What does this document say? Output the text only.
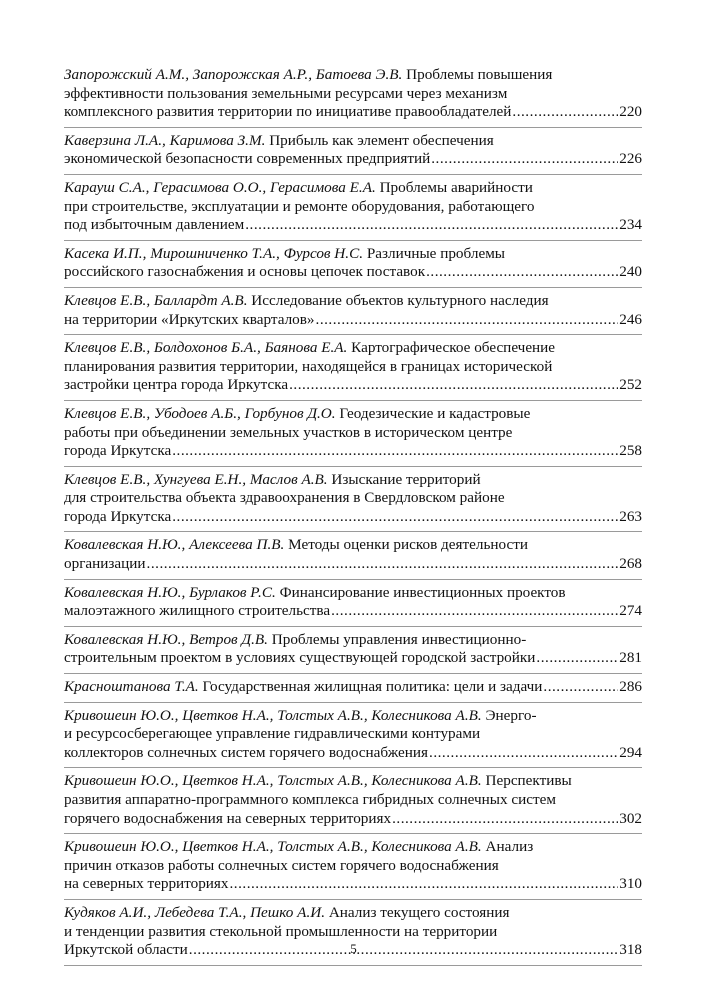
Запорожский А.М., Запорожская А.Р., Батоева Э.В. Проблемы повышения
эффективности пользования земельными ресурсами через механизм
комплексного развития территории по инициативе правообладателей .....	220
Каверзина Л.А., Каримова З.М. Прибыль как элемент обеспечения
экономической безопасности современных предприятий .....	226
Карауш С.А., Герасимова О.О., Герасимова Е.А. Проблемы аварийности
при строительстве, эксплуатации и ремонте оборудования, работающего
под избыточным давлением .....	234
Касека И.П., Мирошниченко Т.А., Фурсов Н.С. Различные проблемы
российского газоснабжения и основы цепочек поставок .....	240
Клевцов Е.В., Баллардт А.В. Исследование объектов культурного наследия
на территории «Иркутских кварталов» .....	246
Клевцов Е.В., Болдохонов Б.А., Баянова Е.А. Картографическое обеспечение
планирования развития территории, находящейся в границах исторической
застройки центра города Иркутска .....	252
Клевцов Е.В., Убодоев А.Б., Горбунов Д.О. Геодезические и кадастровые
работы при объединении земельных участков в историческом центре
города Иркутска .....	258
Клевцов Е.В., Хунгуева Е.Н., Маслов А.В. Изыскание территорий
для строительства объекта здравоохранения в Свердловском районе
города Иркутска .....	263
Ковалевская Н.Ю., Алексеева П.В. Методы оценки рисков деятельности
организации .....	268
Ковалевская Н.Ю., Бурлаков Р.С. Финансирование инвестиционных проектов
малоэтажного жилищного строительства .....	274
Ковалевская Н.Ю., Ветров Д.В. Проблемы управления инвестиционно-
строительным проектом в условиях существующей городской застройки .....	281
Красноштанова Т.А. Государственная жилищная политика: цели и задачи .....	286
Кривошеин Ю.О., Цветков Н.А., Толстых А.В., Колесникова А.В. Энерго-
и ресурсосберегающее управление гидравлическими контурами
коллекторов солнечных систем горячего водоснабжения .....	294
Кривошеин Ю.О., Цветков Н.А., Толстых А.В., Колесникова А.В. Перспективы
развития аппаратно-программного комплекса гибридных солнечных систем
горячего водоснабжения на северных территориях .....	302
Кривошеин Ю.О., Цветков Н.А., Толстых А.В., Колесникова А.В. Анализ
причин отказов работы солнечных систем горячего водоснабжения
на северных территориях .....	310
Кудяков А.И., Лебедева Т.А., Пешко А.И. Анализ текущего состояния
и тенденции развития стекольной промышленности на территории
Иркутской области .....	318
5
